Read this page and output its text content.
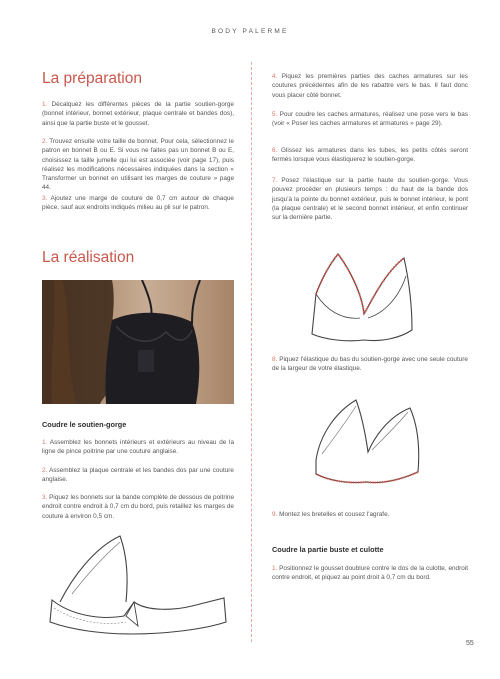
BODY PALERME
La préparation

1. Décalquez les différentes pièces de la partie soutien-gorge (bonnet intérieur, bonnet extérieur, plaque centrale et bandes dos), ainsi que la partie buste et le gousset.

2. Trouvez ensuite votre taille de bonnet. Pour cela, sélectionnez le patron en bonnet B ou E. Si vous ne faites pas un bonnet B ou E, choisissez la taille jumelle qui lui est associée (voir page 17), puis réalisez les modifications nécessaires indiquées dans la section « Transformer un bonnet en utilisant les marges de couture » page 44.

3. Ajoutez une marge de couture de 0,7 cm autour de chaque pièce, sauf aux endroits indiqués milieu au pli sur le patron.

La réalisation
Coudre le soutien-gorge

1. Assemblez les bonnets intérieurs et extérieurs au niveau de la ligne de pince poitrine par une couture anglaise.

2. Assemblez la plaque centrale et les bandes dos par une couture anglaise.

3. Piquez les bonnets sur la bande complète de dessous de poitrine endroit contre endroit à 0,7 cm du bord, puis retaillez les marges de couture à environ 0,5 cm.

4. Piquez les premières parties des caches armatures sur les coutures précédentes afin de les rabattre vers le bas. Il faut donc vous placer côté bonnet.

5. Pour coudre les caches armatures, réalisez une pose vers le bas (voir « Poser les caches armatures et armatures » page 29).

6. Glissez les armatures dans les tubes, les petits côtés seront fermés lorsque vous élastiquerez le soutien-gorge.

7. Posez l'élastique sur la partie haute du soutien-gorge. Vous pouvez procéder en plusieurs temps : du haut de la bande dos jusqu'à la pointe du bonnet extérieur, puis le bonnet intérieur, le pont (la plaque centrale) et le second bonnet intérieur, et enfin continuer sur la dernière partie.

8. Piquez l'élastique du bas du soutien-gorge avec une seule couture de la largeur de votre élastique.

9. Montez les bretelles et cousez l'agrafe.

Coudre la partie buste et culotte

1. Positionnez le gousset doublure contre le dos de la culotte, endroit contre endroit, et piquez au point droit à 0,7 cm du bord.

55
